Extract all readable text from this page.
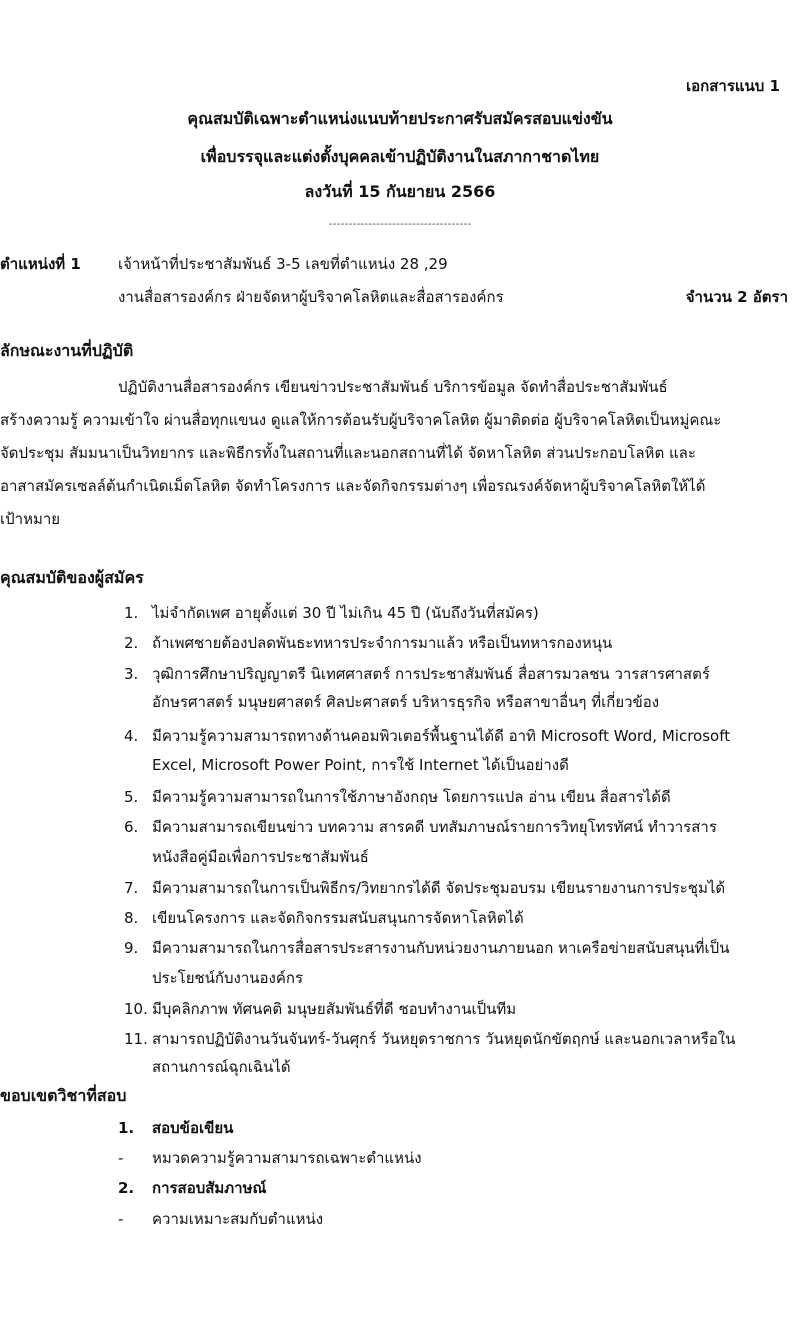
เอกสารแนบ 1
คุณสมบัติเฉพาะตำแหน่งแนบท้ายประกาศรับสมัครสอบแข่งขัน
เพื่อบรรจุและแต่งตั้งบุคคลเข้าปฏิบัติงานในสภากาชาดไทย
ลงวันที่ 15 กันยายน 2566
------------------------------------
ตำแหน่งที่ 1 เจ้าหน้าที่ประชาสัมพันธ์ 3-5 เลขที่ตำแหน่ง 28 ,29
งานสื่อสารองค์กร ฝ่ายจัดหาผู้บริจาคโลหิตและสื่อสารองค์กร	จำนวน 2 อัตรา
ลักษณะงานที่ปฏิบัติ
ปฏิบัติงานสื่อสารองค์กร เขียนข่าวประชาสัมพันธ์ บริการข้อมูล จัดทำสื่อประชาสัมพันธ์
สร้างความรู้ ความเข้าใจ ผ่านสื่อทุกแขนง ดูแลให้การต้อนรับผู้บริจาคโลหิต ผู้มาติดต่อ ผู้บริจาคโลหิตเป็นหมู่คณะ
จัดประชุม สัมมนาเป็นวิทยากร และพิธีกรทั้งในสถานที่และนอกสถานที่ได้ จัดหาโลหิต ส่วนประกอบโลหิต และ
อาสาสมัครเซลล์ต้นกำเนิดเม็ดโลหิต จัดทำโครงการ และจัดกิจกรรมต่างๆ เพื่อรณรงค์จัดหาผู้บริจาคโลหิตให้ได้
เป้าหมาย
คุณสมบัติของผู้สมัคร
1. ไม่จำกัดเพศ อายุตั้งแต่ 30 ปี ไม่เกิน 45 ปี (นับถึงวันที่สมัคร)
2. ถ้าเพศชายต้องปลดพันธะทหารประจำการมาแล้ว หรือเป็นทหารกองหนุน
3. วุฒิการศึกษาปริญญาตรี นิเทศศาสตร์ การประชาสัมพันธ์ สื่อสารมวลชน วารสารศาสตร์
อักษรศาสตร์ มนุษยศาสตร์ ศิลปะศาสตร์ บริหารธุรกิจ หรือสาขาอื่นๆ ที่เกี่ยวข้อง
4. มีความรู้ความสามารถทางด้านคอมพิวเตอร์พื้นฐานได้ดี อาทิ Microsoft Word, Microsoft
Excel, Microsoft Power Point, การใช้ Internet ได้เป็นอย่างดี
5. มีความรู้ความสามารถในการใช้ภาษาอังกฤษ โดยการแปล อ่าน เขียน สื่อสารได้ดี
6. มีความสามารถเขียนข่าว บทความ สารคดี บทสัมภาษณ์รายการวิทยุโทรทัศน์ ทำวารสาร
หนังสือคู่มือเพื่อการประชาสัมพันธ์
7. มีความสามารถในการเป็นพิธีกร/วิทยากรได้ดี จัดประชุมอบรม เขียนรายงานการประชุมได้
8. เขียนโครงการ และจัดกิจกรรมสนับสนุนการจัดหาโลหิตได้
9. มีความสามารถในการสื่อสารประสารงานกับหน่วยงานภายนอก หาเครือข่ายสนับสนุนที่เป็น
ประโยชน์กับงานองค์กร
10. มีบุคลิกภาพ ทัศนคติ มนุษยสัมพันธ์ที่ดี ชอบทำงานเป็นทีม
11. สามารถปฏิบัติงานวันจันทร์-วันศุกร์ วันหยุดราชการ วันหยุดนักขัตฤกษ์ และนอกเวลาหรือใน
สถานการณ์ฉุกเฉินได้
ขอบเขตวิชาที่สอบ
1. สอบข้อเขียน
- หมวดความรู้ความสามารถเฉพาะตำแหน่ง
2. การสอบสัมภาษณ์
- ความเหมาะสมกับตำแหน่ง
